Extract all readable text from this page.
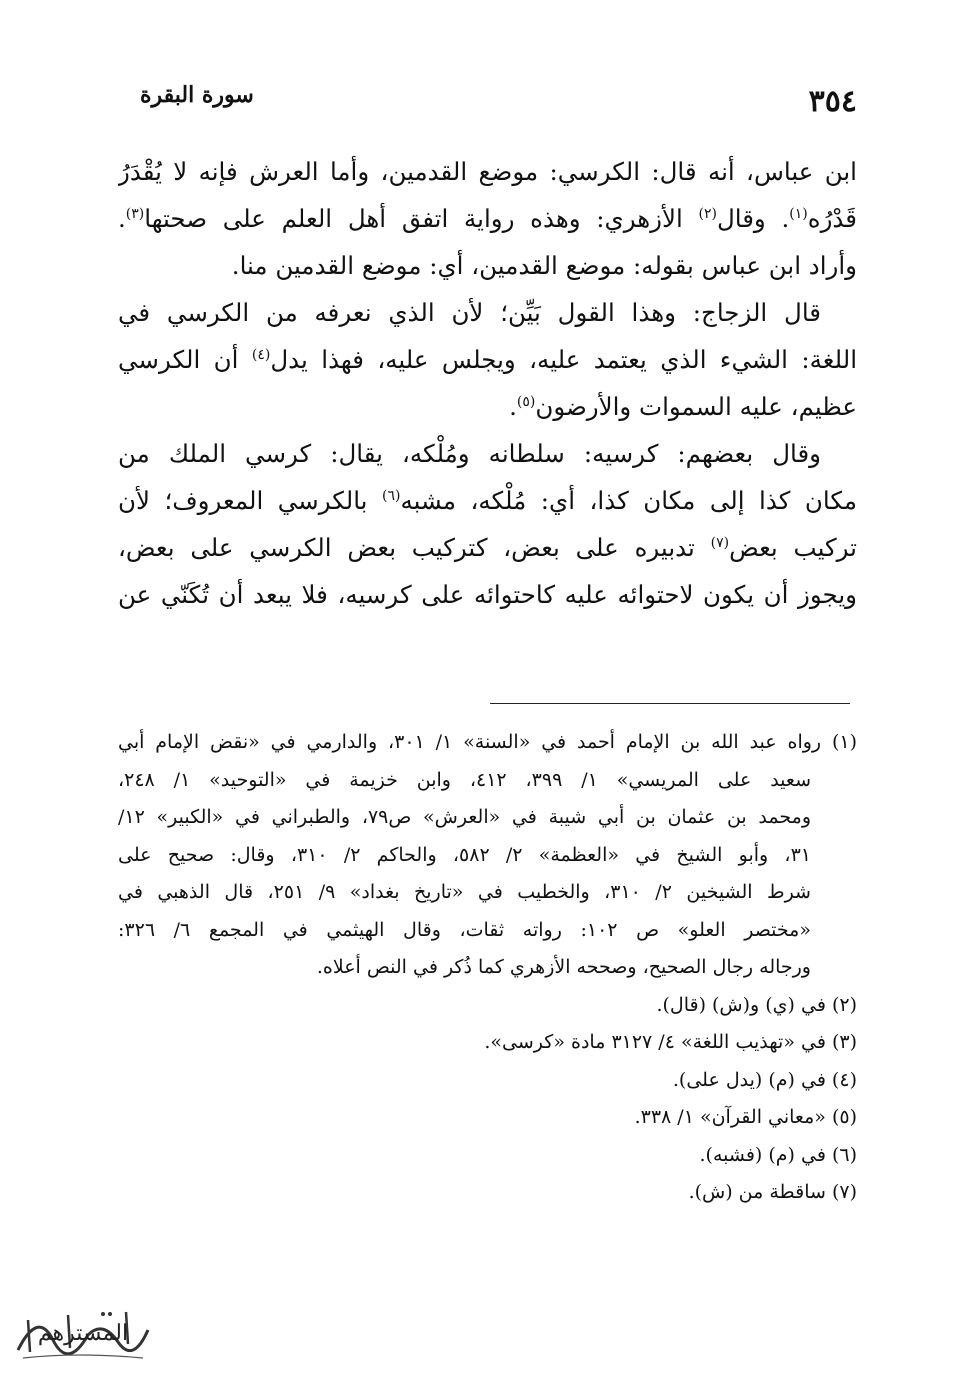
٣٥٤
سورة البقرة

ابن عباس، أنه قال: الكرسي: موضع القدمين، وأما العرش فإنه لا يُقْدَرُ
قَدْرُه$^{(١)}$. وقال$^{(٢)}$ الأزهري: وهذه رواية اتفق أهل العلم على صحتها$^{(٣)}$.
وأراد ابن عباس بقوله: موضع القدمين، أي: موضع القدمين منا.

قال الزجاج: وهذا القول بَيِّن؛ لأن الذي نعرفه من الكرسي في
اللغة: الشيء الذي يعتمد عليه، ويجلس عليه، فهذا يدل$^{(٤)}$ أن الكرسي
عظيم، عليه السموات والأرضون$^{(٥)}$.

وقال بعضهم: كرسيه: سلطانه ومُلْكه، يقال: كرسي الملك من
مكان كذا إلى مكان كذا، أي: مُلْكه، مشبه$^{(٦)}$ بالكرسي المعروف؛ لأن
تركيب بعض$^{(٧)}$ تدبيره على بعض، كتركيب بعض الكرسي على بعض،
ويجوز أن يكون لاحتوائه عليه كاحتوائه على كرسيه، فلا يبعد أن تُكَنّي عن

(١) رواه عبد الله بن الإمام أحمد في «السنة» ١/ ٣٠١، والدارمي في «نقض الإمام أبي
سعيد على المريسي» ١/ ٣٩٩، ٤١٢، وابن خزيمة في «التوحيد» ١/ ٢٤٨،
ومحمد بن عثمان بن أبي شيبة في «العرش» ص٧٩، والطبراني في «الكبير» ١٢/
٣١، وأبو الشيخ في «العظمة» ٢/ ٥٨٢، والحاكم ٢/ ٣١٠، وقال: صحيح على
شرط الشيخين ٢/ ٣١٠، والخطيب في «تاريخ بغداد» ٩/ ٢٥١، قال الذهبي في
«مختصر العلو» ص ١٠٢: رواته ثقات، وقال الهيثمي في المجمع ٦/ ٣٢٦:
ورجاله رجال الصحيح، وصححه الأزهري كما ذُكر في النص أعلاه.
(٢) في (ي) و(ش) (قال).
(٣) في «تهذيب اللغة» ٤/ ٣١٢٧ مادة «كرسى».
(٤) في (م) (يدل على).
(٥) «معاني القرآن» ١/ ٣٣٨.
(٦) في (م) (فشبه).
(٧) ساقطة من (ش).
المسترهم
